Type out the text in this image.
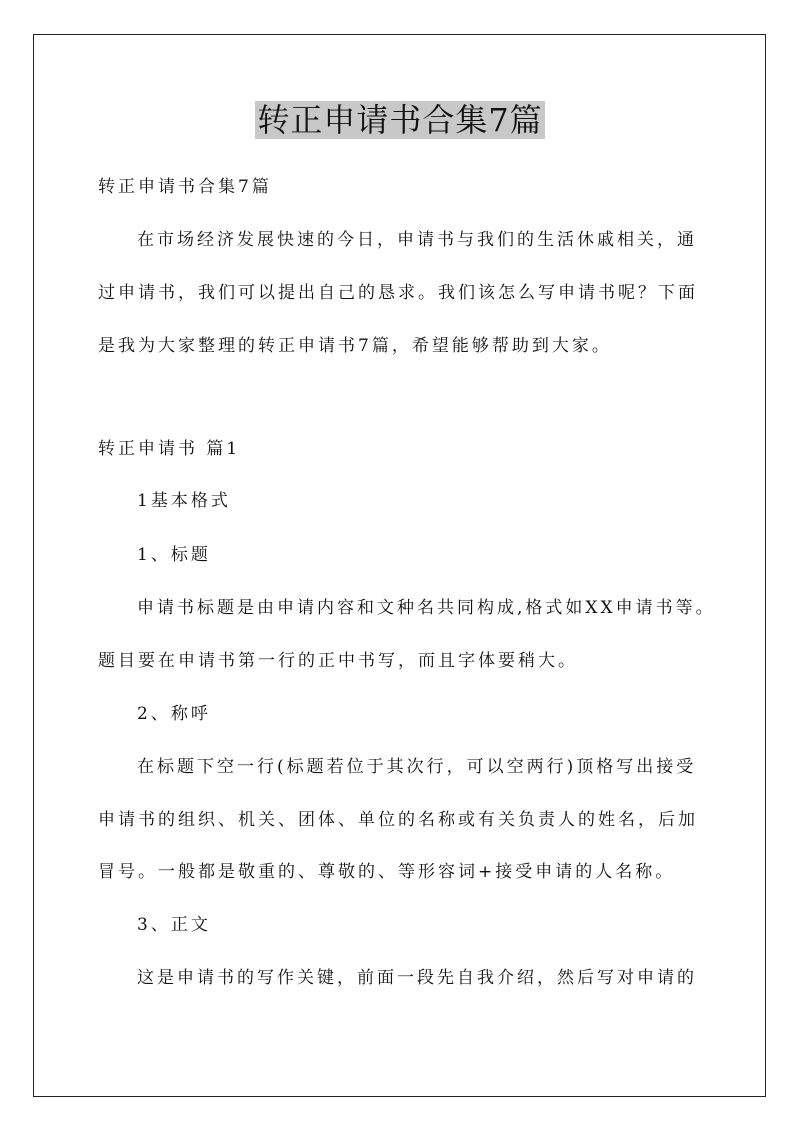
转正申请书合集7篇

转正申请书合集7篇

在市场经济发展快速的今日，申请书与我们的生活休戚相关，通

过申请书，我们可以提出自己的恳求。我们该怎么写申请书呢？下面

是我为大家整理的转正申请书7篇，希望能够帮助到大家。

转正申请书 篇1

1基本格式

1、标题

申请书标题是由申请内容和文种名共同构成,格式如XX申请书等。

题目要在申请书第一行的正中书写，而且字体要稍大。

2、称呼

在标题下空一行(标题若位于其次行，可以空两行)顶格写出接受

申请书的组织、机关、团体、单位的名称或有关负责人的姓名，后加

冒号。一般都是敬重的、尊敬的、等形容词+接受申请的人名称。

3、正文

这是申请书的写作关键，前面一段先自我介绍，然后写对申请的
